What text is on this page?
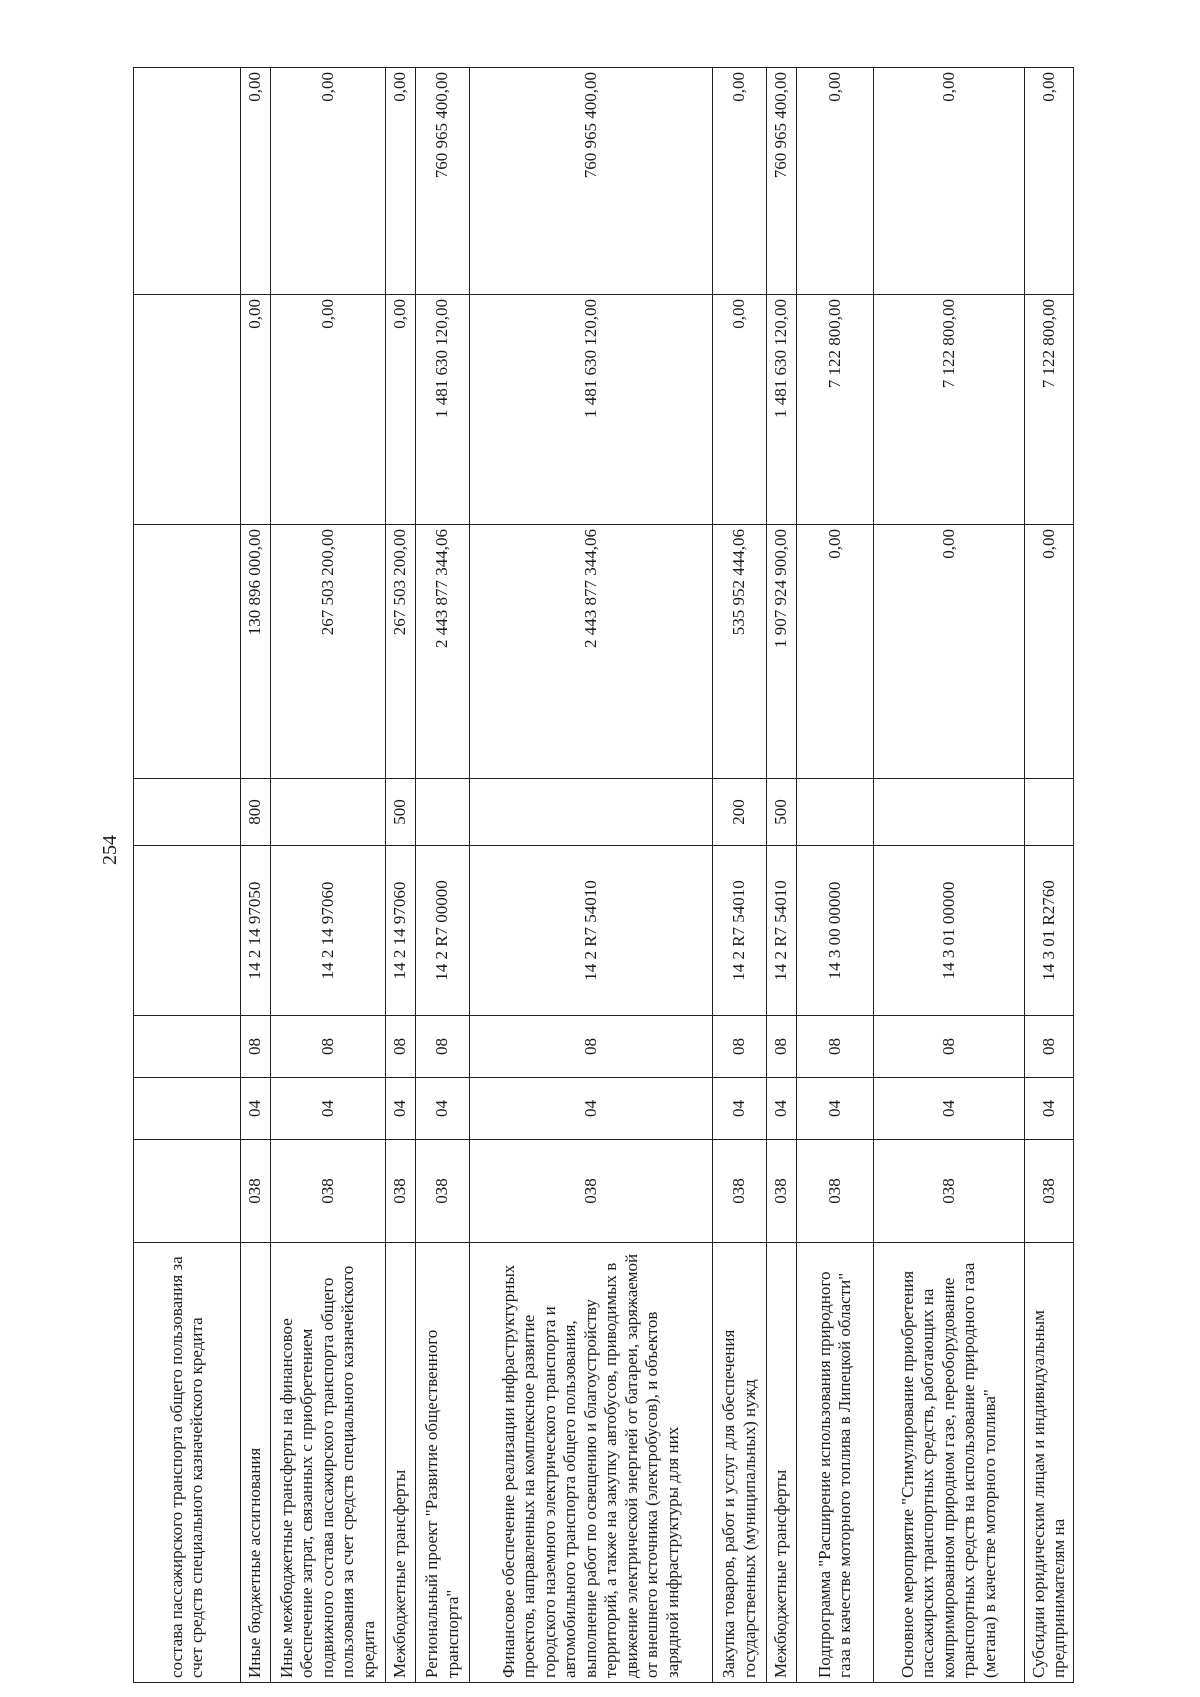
254
состава пассажирского транспорта общего пользования за счет средств специального казначейского кредита								
Иные бюджетные ассигнования	038	04	08	14 2 14 97050	800	130 896 000,00	0,00	0,00
Иные межбюджетные трансферты на финансовое обеспечение затрат, связанных с приобретением подвижного состава пассажирского транспорта общего пользования за счет средств специального казначейского кредита	038	04	08	14 2 14 97060		267 503 200,00	0,00	0,00
Межбюджетные трансферты	038	04	08	14 2 14 97060	500	267 503 200,00	0,00	0,00
Региональный проект "Развитие общественного транспорта"	038	04	08	14 2 R7 00000		2 443 877 344,06	1 481 630 120,00	760 965 400,00
Финансовое обеспечение реализации инфраструктурных проектов, направленных на комплексное развитие городского наземного электрического транспорта и автомобильного транспорта общего пользования, выполнение работ по освещению и благоустройству территорий, а также на закупку автобусов, приводимых в движение электрической энергией от батареи, заряжаемой от внешнего источника (электробусов), и объектов зарядной инфраструктуры для них	038	04	08	14 2 R7 54010		2 443 877 344,06	1 481 630 120,00	760 965 400,00
Закупка товаров, работ и услуг для обеспечения государственных (муниципальных) нужд	038	04	08	14 2 R7 54010	200	535 952 444,06	0,00	0,00
Межбюджетные трансферты	038	04	08	14 2 R7 54010	500	1 907 924 900,00	1 481 630 120,00	760 965 400,00
Подпрограмма "Расширение использования природного газа в качестве моторного топлива в Липецкой области"	038	04	08	14 3 00 00000		0,00	7 122 800,00	0,00
Основное мероприятие "Стимулирование приобретения пассажирских транспортных средств, работающих на компримированном природном газе, переоборудование транспортных средств на использование природного газа (метана) в качестве моторного топлива"	038	04	08	14 3 01 00000		0,00	7 122 800,00	0,00
Субсидии юридическим лицам и индивидуальным предпринимателям на	038	04	08	14 3 01 R2760		0,00	7 122 800,00	0,00
